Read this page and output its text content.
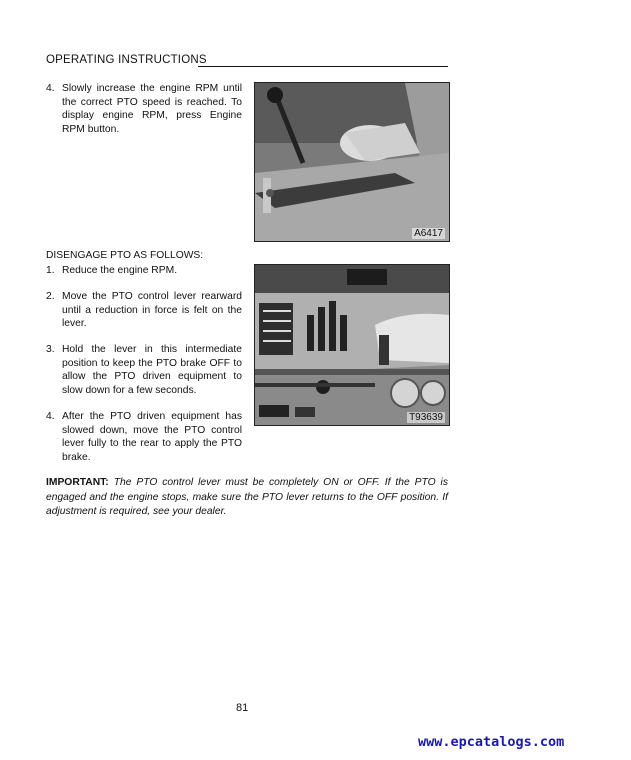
OPERATING INSTRUCTIONS
4. Slowly increase the engine RPM until the correct PTO speed is reached. To display engine RPM, press Engine RPM button.
A6417
DISENGAGE PTO AS FOLLOWS:
1. Reduce the engine RPM.
2. Move the PTO control lever rearward until a reduction in force is felt on the lever.
3. Hold the lever in this intermediate position to keep the PTO brake OFF to allow the PTO driven equipment to slow down for a few seconds.
4. After the PTO driven equipment has slowed down, move the PTO control lever fully to the rear to apply the PTO brake.
T93639
IMPORTANT: The PTO control lever must be completely ON or OFF. If the PTO is engaged and the engine stops, make sure the PTO lever returns to the OFF position. If adjustment is required, see your dealer.
81
www.epcatalogs.com
